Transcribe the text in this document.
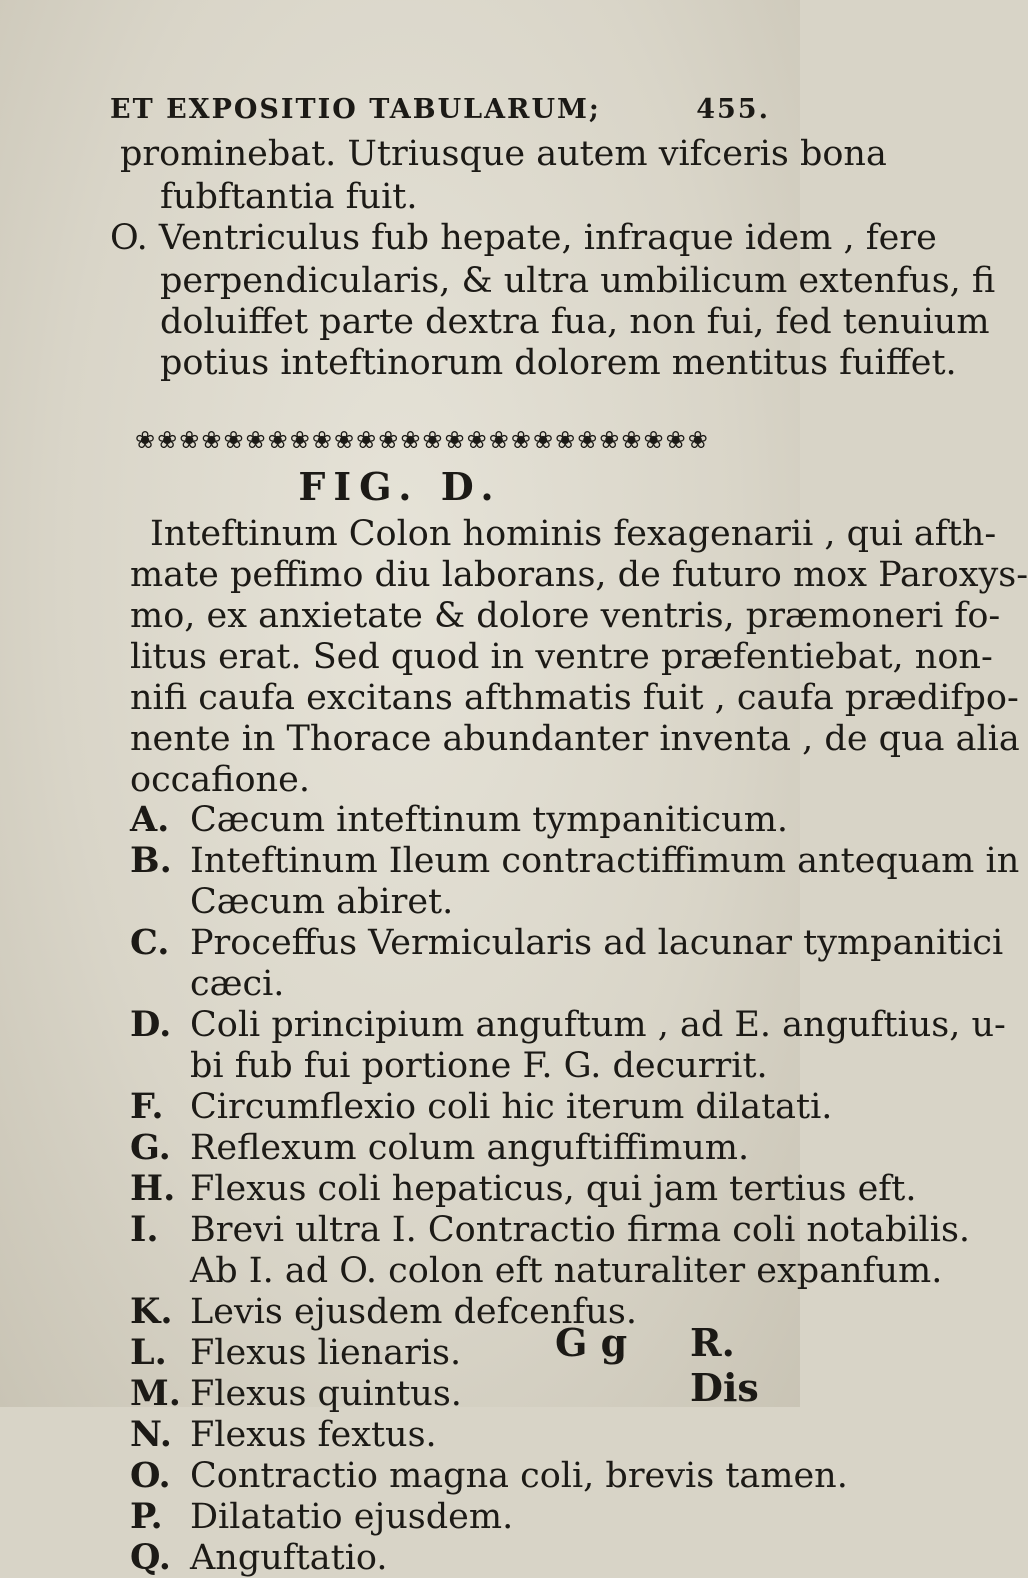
ET EXPOSITIO TABULARUM;	455.
prominebat. Utriusque autem vifceris bona
fubftantia fuit.
O. Ventriculus fub hepate, infraque idem , fere
perpendicularis, & ultra umbilicum extenfus, fi
doluiffet parte dextra fua, non fui, fed tenuium
potius inteftinorum dolorem mentitus fuiffet.
❀ ❀ ❀ ❀ ❀ ❀ ❀ ❀ ❀ ❀ ❀ ❀ ❀ ❀ ❀ ❀ ❀ ❀ ❀ ❀ ❀ ❀ ❀ ❀ ❀ ❀
FIG. D.
Inteftinum Colon hominis fexagenarii , qui afth-
mate peffimo diu laborans, de futuro mox Paroxys-
mo, ex anxietate & dolore ventris, præmoneri fo-
litus erat. Sed quod in ventre præfentiebat, non-
nifi caufa excitans afthmatis fuit , caufa prædifpo-
nente in Thorace abundanter inventa , de qua alia
occafione.
A. Cæcum inteftinum tympaniticum.
B. Inteftinum Ileum contractiffimum antequam in
Cæcum abiret.
C. Proceffus Vermicularis ad lacunar tympanitici
cæci.
D. Coli principium anguftum , ad E. anguftius, u-
bi fub fui portione F. G. decurrit.
F. Circumflexio coli hic iterum dilatati.
G. Reflexum colum anguftiffimum.
H. Flexus coli hepaticus, qui jam tertius eft.
I. Brevi ultra I. Contractio firma coli notabilis.
Ab I. ad O. colon eft naturaliter expanfum.
K. Levis ejusdem defcenfus.
L. Flexus lienaris.
M. Flexus quintus.
N. Flexus fextus.
O. Contractio magna coli, brevis tamen.
P. Dilatatio ejusdem.
Q. Anguftatio.
G g R. Dis
